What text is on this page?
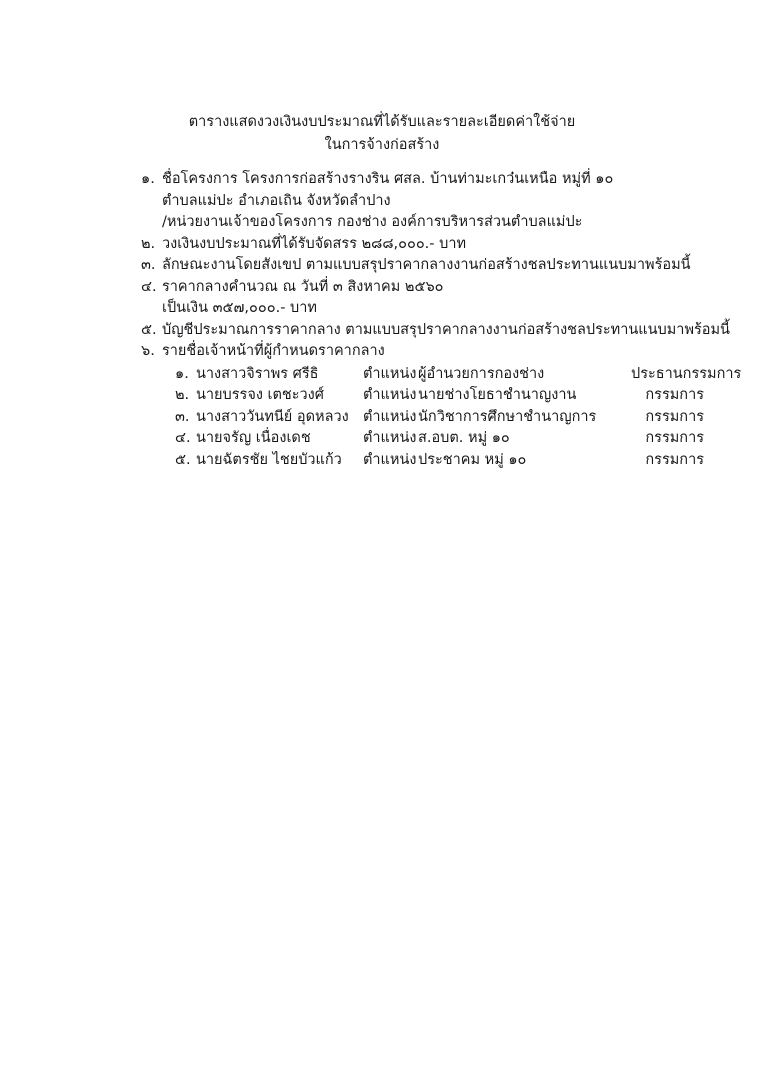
ตารางแสดงวงเงินงบประมาณที่ได้รับและรายละเอียดค่าใช้จ่าย
ในการจ้างก่อสร้าง
๑. ชื่อโครงการ โครงการก่อสร้างรางริน ศสล. บ้านท่ามะเกว๋นเหนือ หมู่ที่ ๑๐
ตำบลแม่ปะ อำเภอเถิน จังหวัดลำปาง
/หน่วยงานเจ้าของโครงการ กองช่าง องค์การบริหารส่วนตำบลแม่ปะ
๒. วงเงินงบประมาณที่ได้รับจัดสรร ๒๘๘,๐๐๐.- บาท
๓. ลักษณะงานโดยสังเขป ตามแบบสรุปราคากลางงานก่อสร้างชลประทานแนบมาพร้อมนี้
๔. ราคากลางคำนวณ ณ วันที่ ๓ สิงหาคม ๒๕๖๐
เป็นเงิน ๓๕๗,๐๐๐.- บาท
๕. บัญชีประมาณการราคากลาง ตามแบบสรุปราคากลางงานก่อสร้างชลประทานแนบมาพร้อมนี้
๖. รายชื่อเจ้าหน้าที่ผู้กำหนดราคากลาง
๑. นางสาวจิราพร ศรีธิ	ตำแหน่ง ผู้อำนวยการกองช่าง	ประธานกรรมการ
๒. นายบรรจง เตชะวงศ์	ตำแหน่ง นายช่างโยธาชำนาญงาน	กรรมการ
๓. นางสาววันทนีย์ อุดหลวง ตำแหน่ง นักวิชาการศึกษาชำนาญการ	กรรมการ
๔. นายจรัญ เนื่องเดช	ตำแหน่ง ส.อบต. หมู่ ๑๐	กรรมการ
๕. นายฉัตรชัย ไชยบัวแก้ว	ตำแหน่ง ประชาคม หมู่ ๑๐	กรรมการ
